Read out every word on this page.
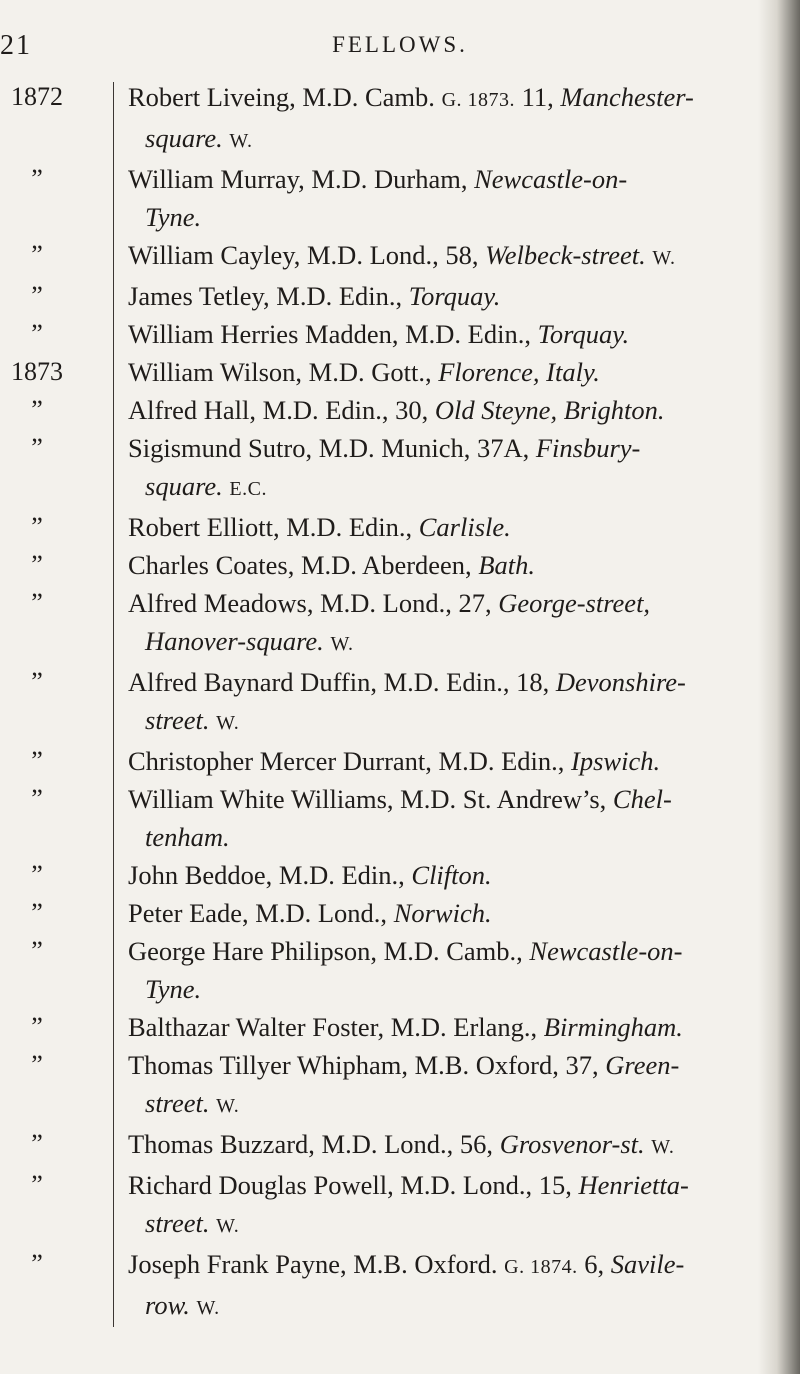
21	FELLOWS.
1872	Robert Liveing, M.D. Camb. G. 1873. 11, Manchester-
square. W.
”	William Murray, M.D. Durham, Newcastle-on-
Tyne.
”	William Cayley, M.D. Lond., 58, Welbeck-street. W.
”	James Tetley, M.D. Edin., Torquay.
”	William Herries Madden, M.D. Edin., Torquay.
1873	William Wilson, M.D. Gott., Florence, Italy.
”	Alfred Hall, M.D. Edin., 30, Old Steyne, Brighton.
”	Sigismund Sutro, M.D. Munich, 37A, Finsbury-
square. E.C.
”	Robert Elliott, M.D. Edin., Carlisle.
”	Charles Coates, M.D. Aberdeen, Bath.
”	Alfred Meadows, M.D. Lond., 27, George-street,
Hanover-square. W.
”	Alfred Baynard Duffin, M.D. Edin., 18, Devonshire-
street. W.
”	Christopher Mercer Durrant, M.D. Edin., Ipswich.
”	William White Williams, M.D. St. Andrew’s, Chel-
tenham.
”	John Beddoe, M.D. Edin., Clifton.
”	Peter Eade, M.D. Lond., Norwich.
”	George Hare Philipson, M.D. Camb., Newcastle-on-
Tyne.
”	Balthazar Walter Foster, M.D. Erlang., Birmingham.
”	Thomas Tillyer Whipham, M.B. Oxford, 37, Green-
street. W.
”	Thomas Buzzard, M.D. Lond., 56, Grosvenor-st. W.
”	Richard Douglas Powell, M.D. Lond., 15, Henrietta-
street. W.
”	Joseph Frank Payne, M.B. Oxford. G. 1874. 6, Savile-
row. W.
